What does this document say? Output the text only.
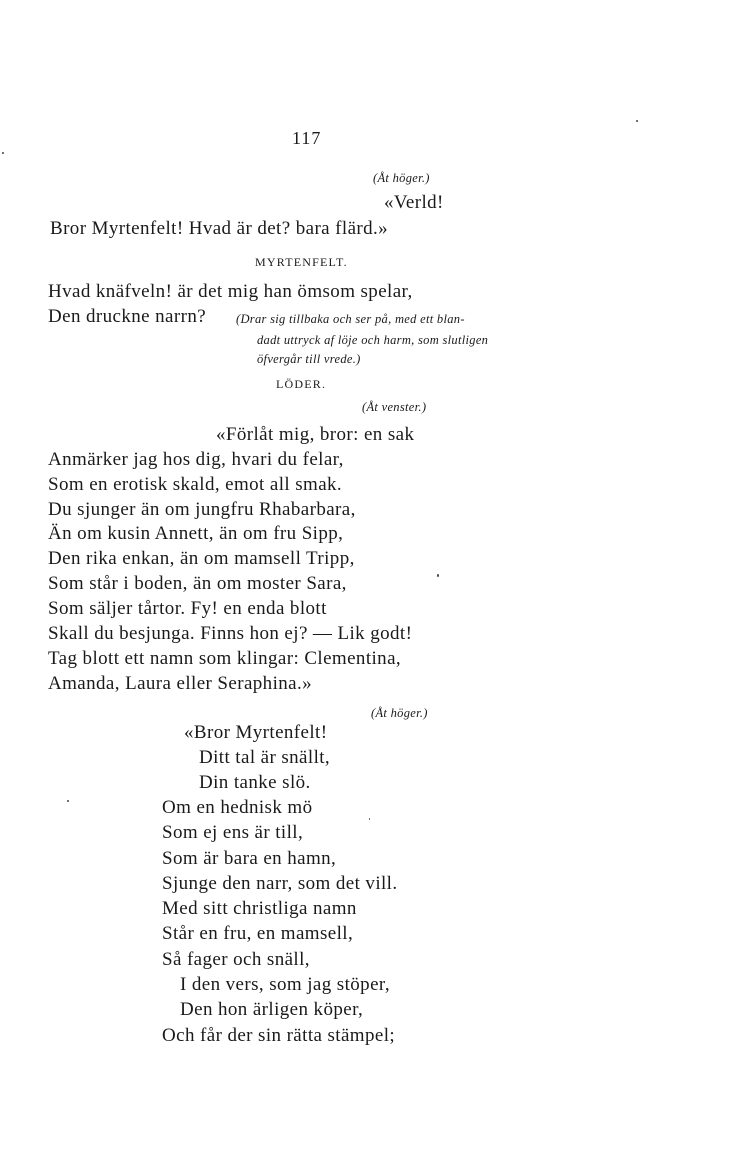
117
(Åt höger.)
«Verld!
Bror Myrtenfelt! Hvad är det? bara flärd.»
MYRTENFELT.
Hvad knäfveln! är det mig han ömsom spelar,
Den druckne narrn? (Drar sig tillbaka och ser på, med ett blan-
dadt uttryck af löje och harm, som slutligen
öfvergår till vrede.)
LÖDER.
(Åt venster.)
«Förlåt mig, bror: en sak
Anmärker jag hos dig, hvari du felar,
Som en erotisk skald, emot all smak.
Du sjunger än om jungfru Rhabarbara,
Än om kusin Annett, än om fru Sipp,
Den rika enkan, än om mamsell Tripp,
Som står i boden, än om moster Sara,
Som säljer tårtor. Fy! en enda blott
Skall du besjunga. Finns hon ej? — Lik godt!
Tag blott ett namn som klingar: Clementina,
Amanda, Laura eller Seraphina.»
(Åt höger.)
«Bror Myrtenfelt!
Ditt tal är snällt,
Din tanke slö.
Om en hednisk mö
Som ej ens är till,
Som är bara en hamn,
Sjunge den narr, som det vill.
Med sitt christliga namn
Står en fru, en mamsell,
Så fager och snäll,
I den vers, som jag stöper,
Den hon ärligen köper,
Och får der sin rätta stämpel;
